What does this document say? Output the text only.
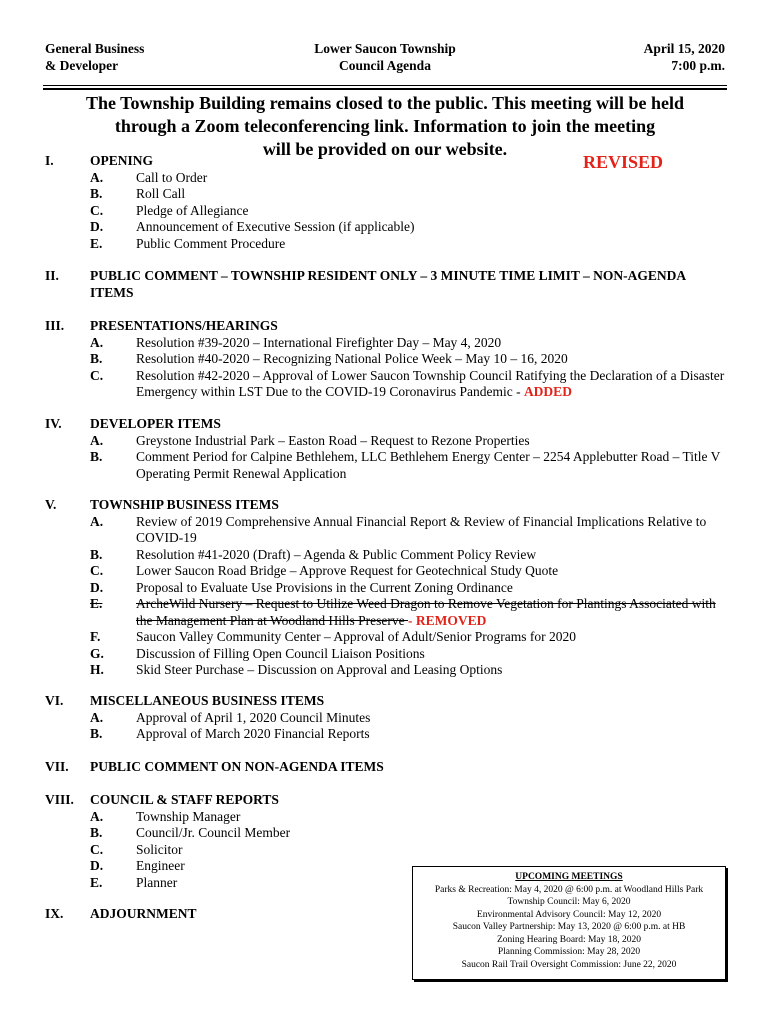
General Business
& Developer
Lower Saucon Township
Council Agenda
April 15, 2020
7:00 p.m.
The Township Building remains closed to the public. This meeting will be held
through a Zoom teleconferencing link. Information to join the meeting
will be provided on our website.
REVISED
I.	OPENING
A. Call to Order
B. Roll Call
C. Pledge of Allegiance
D. Announcement of Executive Session (if applicable)
E. Public Comment Procedure
II. PUBLIC COMMENT – TOWNSHIP RESIDENT ONLY – 3 MINUTE TIME LIMIT – NON-AGENDA ITEMS
III. PRESENTATIONS/HEARINGS
A. Resolution #39-2020 – International Firefighter Day – May 4, 2020
B. Resolution #40-2020 – Recognizing National Police Week – May 10 – 16, 2020
C. Resolution #42-2020 – Approval of Lower Saucon Township Council Ratifying the Declaration of a Disaster Emergency within LST Due to the COVID-19 Coronavirus Pandemic - ADDED
IV. DEVELOPER ITEMS
A. Greystone Industrial Park – Easton Road – Request to Rezone Properties
B. Comment Period for Calpine Bethlehem, LLC Bethlehem Energy Center – 2254 Applebutter Road – Title V Operating Permit Renewal Application
V. TOWNSHIP BUSINESS ITEMS
A. Review of 2019 Comprehensive Annual Financial Report & Review of Financial Implications Relative to COVID-19
B. Resolution #41-2020 (Draft) – Agenda & Public Comment Policy Review
C. Lower Saucon Road Bridge – Approve Request for Geotechnical Study Quote
D. Proposal to Evaluate Use Provisions in the Current Zoning Ordinance
E. ArcheWild Nursery – Request to Utilize Weed Dragon to Remove Vegetation for Plantings Associated with the Management Plan at Woodland Hills Preserve - REMOVED
F.	Saucon Valley Community Center – Approval of Adult/Senior Programs for 2020
G. Discussion of Filling Open Council Liaison Positions
H. Skid Steer Purchase – Discussion on Approval and Leasing Options
VI. MISCELLANEOUS BUSINESS ITEMS
A. Approval of April 1, 2020 Council Minutes
B. Approval of March 2020 Financial Reports
VII. PUBLIC COMMENT ON NON-AGENDA ITEMS
VIII. COUNCIL & STAFF REPORTS
A. Township Manager
B. Council/Jr. Council Member
C. Solicitor
D. Engineer
E. Planner
IX. ADJOURNMENT
UPCOMING MEETINGS
Parks & Recreation: May 4, 2020 @ 6:00 p.m. at Woodland Hills Park
Township Council: May 6, 2020
Environmental Advisory Council: May 12, 2020
Saucon Valley Partnership: May 13, 2020 @ 6:00 p.m. at HB
Zoning Hearing Board: May 18, 2020
Planning Commission: May 28, 2020
Saucon Rail Trail Oversight Commission: June 22, 2020
